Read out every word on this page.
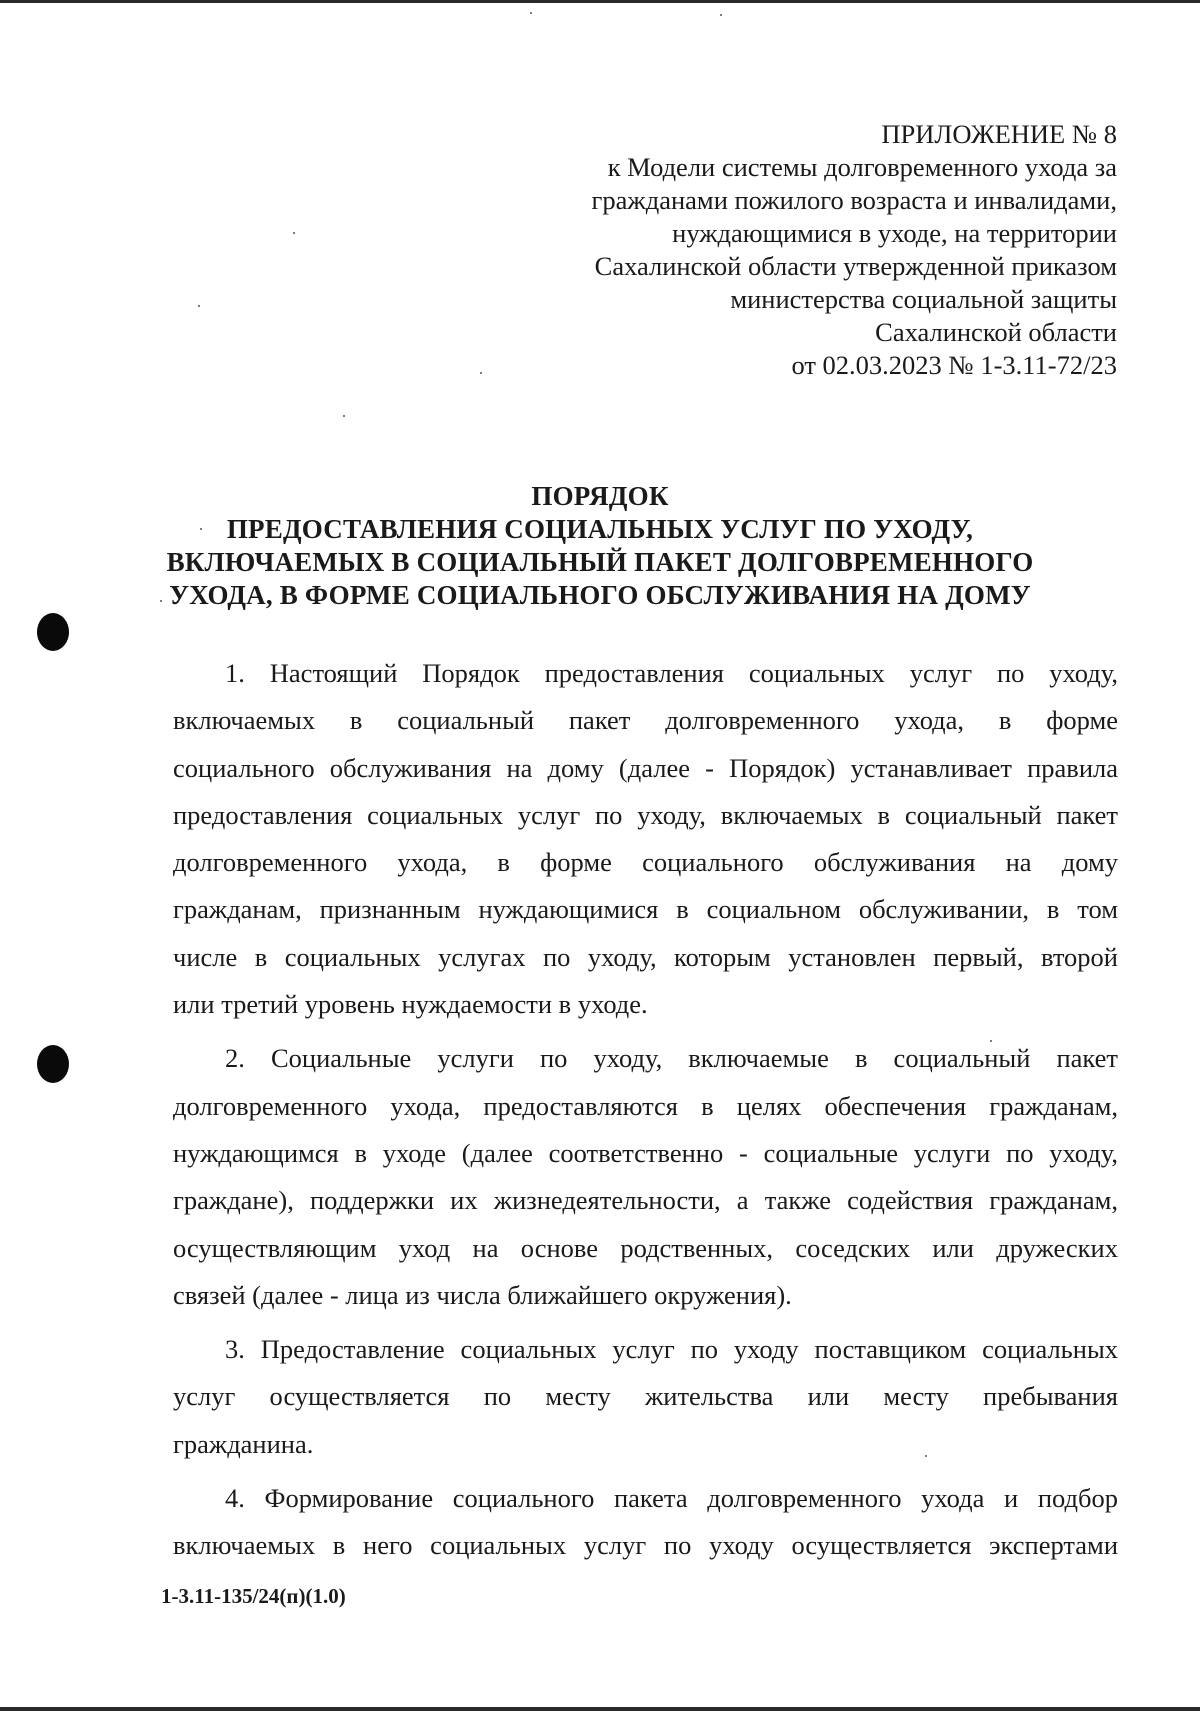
ПРИЛОЖЕНИЕ № 8
к Модели системы долговременного ухода за
гражданами пожилого возраста и инвалидами,
нуждающимися в уходе, на территории
Сахалинской области утвержденной приказом
министерства социальной защиты
Сахалинской области
от 02.03.2023 № 1-3.11-72/23
ПОРЯДОК
ПРЕДОСТАВЛЕНИЯ СОЦИАЛЬНЫХ УСЛУГ ПО УХОДУ,
ВКЛЮЧАЕМЫХ В СОЦИАЛЬНЫЙ ПАКЕТ ДОЛГОВРЕМЕННОГО
УХОДА, В ФОРМЕ СОЦИАЛЬНОГО ОБСЛУЖИВАНИЯ НА ДОМУ
1. Настоящий Порядок предоставления социальных услуг по уходу,
включаемых в социальный пакет долговременного ухода, в форме
социального обслуживания на дому (далее - Порядок) устанавливает правила
предоставления социальных услуг по уходу, включаемых в социальный пакет
долговременного ухода, в форме социального обслуживания на дому
гражданам, признанным нуждающимися в социальном обслуживании, в том
числе в социальных услугах по уходу, которым установлен первый, второй
или третий уровень нуждаемости в уходе.
2. Социальные услуги по уходу, включаемые в социальный пакет
долговременного ухода, предоставляются в целях обеспечения гражданам,
нуждающимся в уходе (далее соответственно - социальные услуги по уходу,
граждане), поддержки их жизнедеятельности, а также содействия гражданам,
осуществляющим уход на основе родственных, соседских или дружеских
связей (далее - лица из числа ближайшего окружения).
3. Предоставление социальных услуг по уходу поставщиком социальных
услуг осуществляется по месту жительства или месту пребывания
гражданина.
4. Формирование социального пакета долговременного ухода и подбор
включаемых в него социальных услуг по уходу осуществляется экспертами
1-3.11-135/24(п)(1.0)
